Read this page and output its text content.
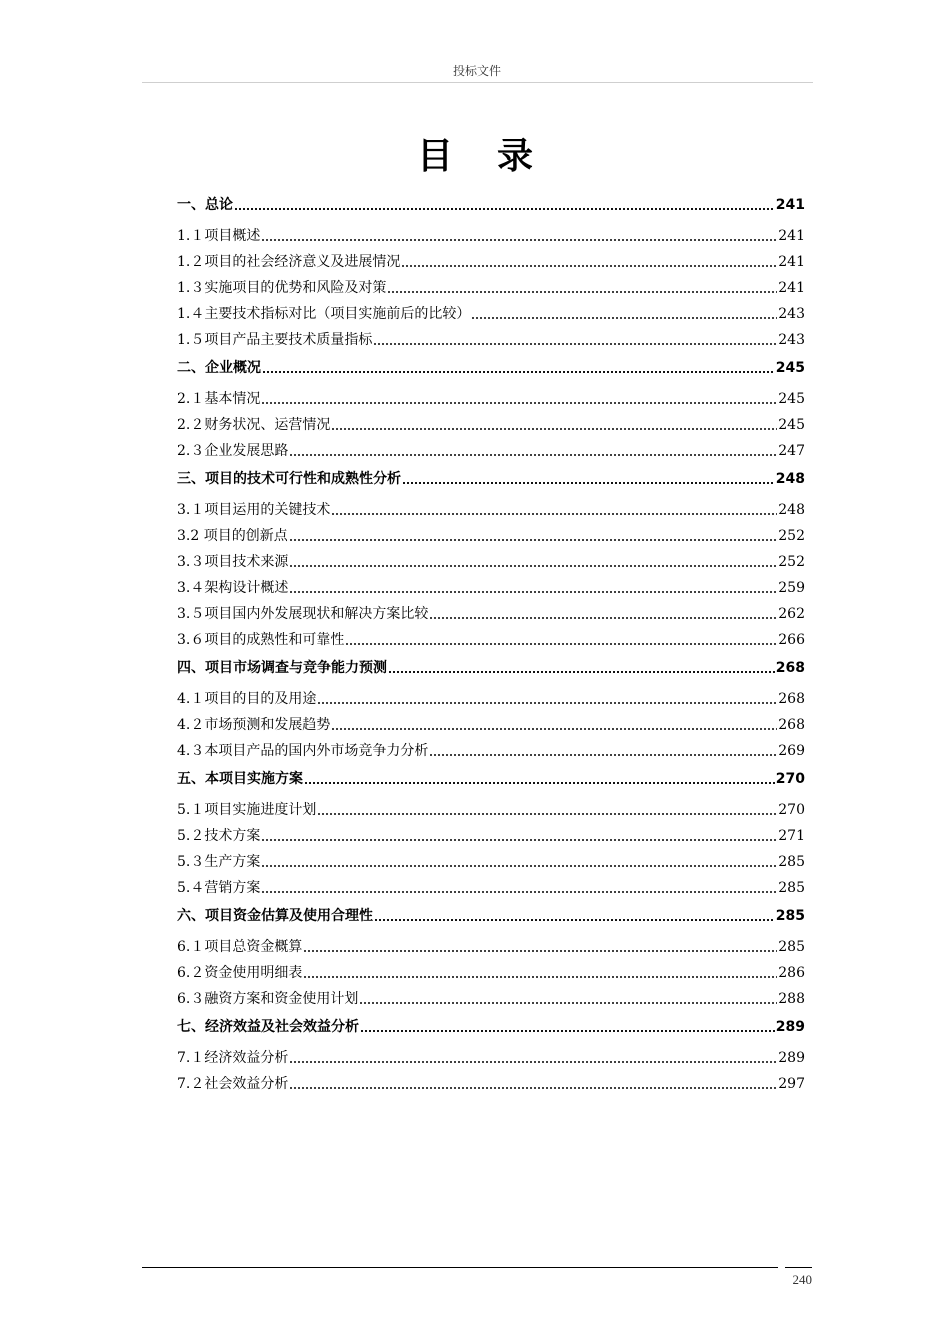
投标文件
目录
一、总论	241
1.１项目概述	241
1.２项目的社会经济意义及进展情况	241
1.３实施项目的优势和风险及对策	241
1.４主要技术指标对比（项目实施前后的比较）	243
1.５项目产品主要技术质量指标	243
二、企业概况	245
2.１基本情况	245
2.２财务状况、运营情况	245
2.３企业发展思路	247
三、项目的技术可行性和成熟性分析	248
3.１项目运用的关键技术	248
3.2 项目的创新点	252
3.３项目技术来源	252
3.４架构设计概述	259
3.５项目国内外发展现状和解决方案比较	262
3.６项目的成熟性和可靠性	266
四、项目市场调查与竞争能力预测	268
4.１项目的目的及用途	268
4.２市场预测和发展趋势	268
4.３本项目产品的国内外市场竞争力分析	269
五、本项目实施方案	270
5.１项目实施进度计划	270
5.２技术方案	271
5.３生产方案	285
5.４营销方案	285
六、项目资金估算及使用合理性	285
6.１项目总资金概算	285
6.２资金使用明细表	286
6.３融资方案和资金使用计划	288
七、经济效益及社会效益分析	289
7.１经济效益分析	289
7.２社会效益分析	297
240
